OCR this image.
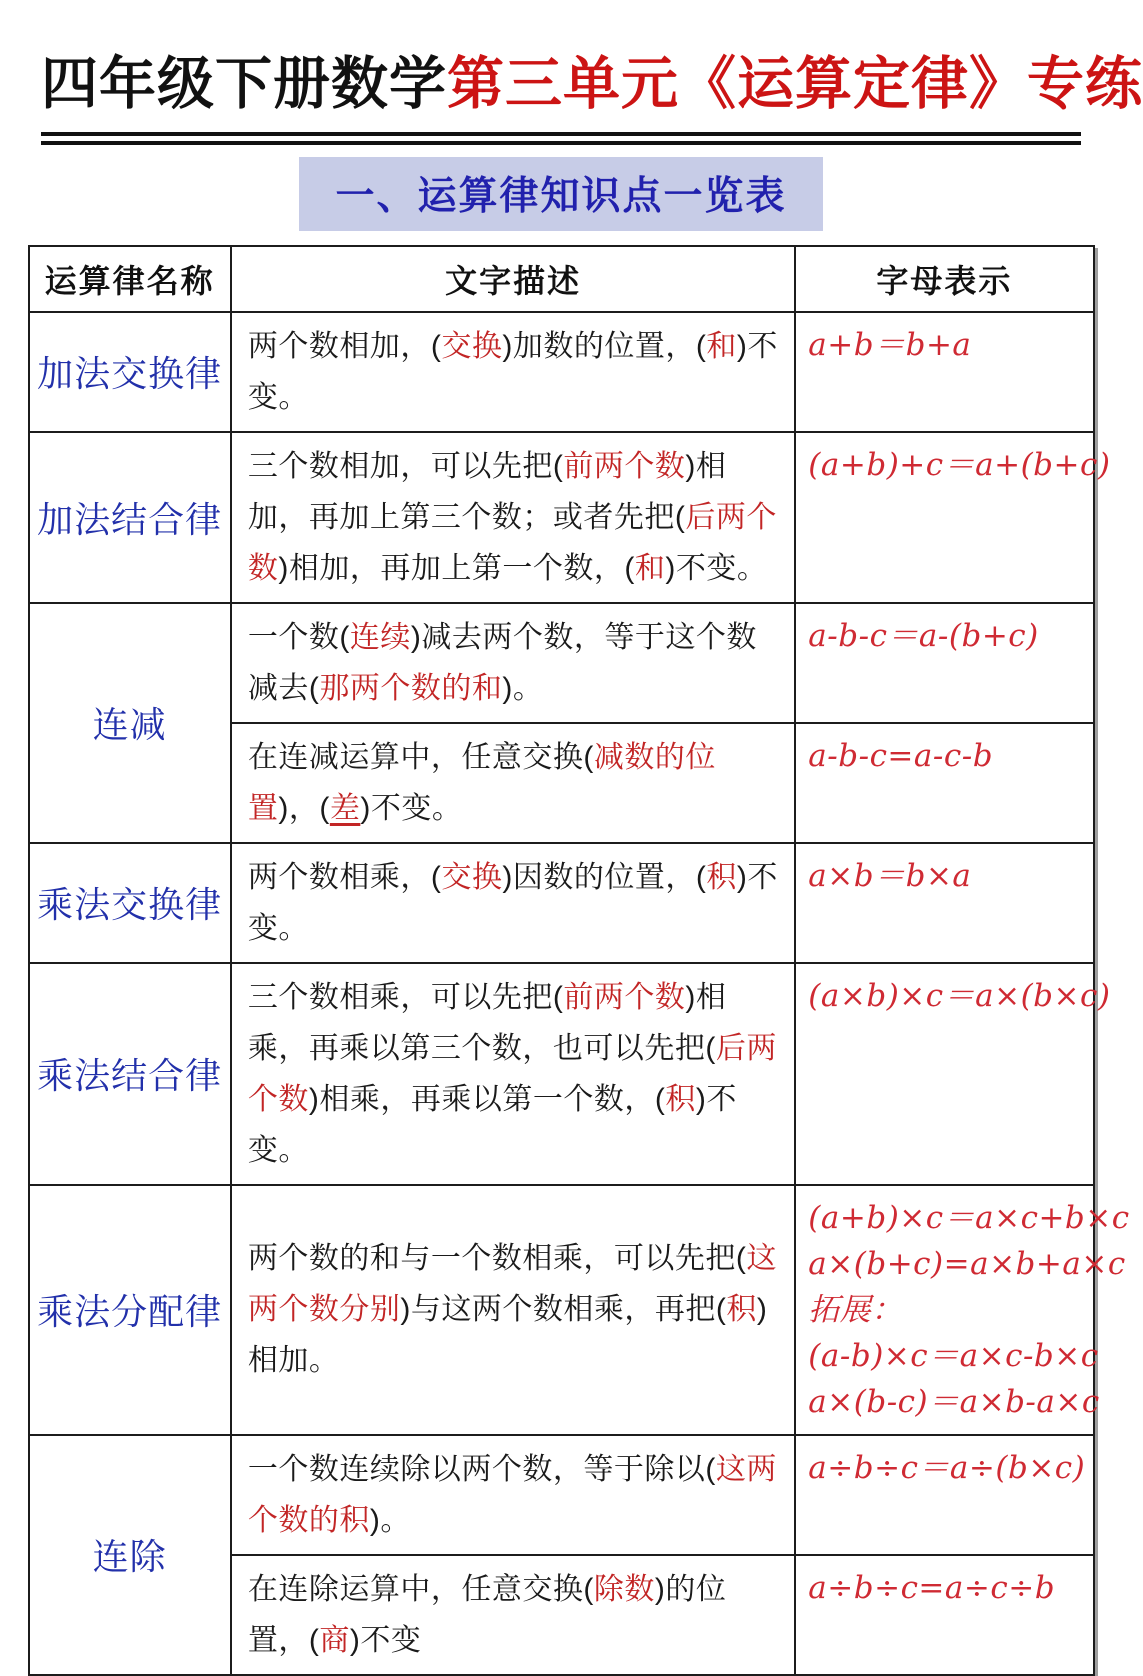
四年级下册数学第三单元《运算定律》专练
一、运算律知识点一览表
运算律名称	文字描述	字母表示
加法交换律	两个数相加，(交换)加数的位置，(和)不变。	a+b＝b+a

加法结合律	三个数相加，可以先把(前两个数)相加，再加上第三个数；或者先把(后两个数)相加，再加上第一个数，(和)不变。	(a+b)+c＝a+(b+c)

连减	一个数(连续)减去两个数，等于这个数减去(那两个数的和)。	a-b-c＝a-(b+c)

	在连减运算中，任意交换(减数的位置)，(差)不变。	a-b-c=a-c-b

乘法交换律	两个数相乘，(交换)因数的位置，(积)不变。	a×b＝b×a

乘法结合律	三个数相乘，可以先把(前两个数)相乘，再乘以第三个数，也可以先把(后两个数)相乘，再乘以第一个数，(积)不变。	(a×b)×c＝a×(b×c)

乘法分配律	两个数的和与一个数相乘，可以先把(这两个数分别)与这两个数相乘，再把(积)相加。	(a+b)×c＝a×c+b×c
a×(b+c)=a×b+a×c
拓展：
(a-b)×c＝a×c-b×c
a×(b-c)＝a×b-a×c

连除	一个数连续除以两个数，等于除以(这两个数的积)。	a÷b÷c＝a÷(b×c)

	在连除运算中，任意交换(除数)的位置，(商)不变	a÷b÷c=a÷c÷b
